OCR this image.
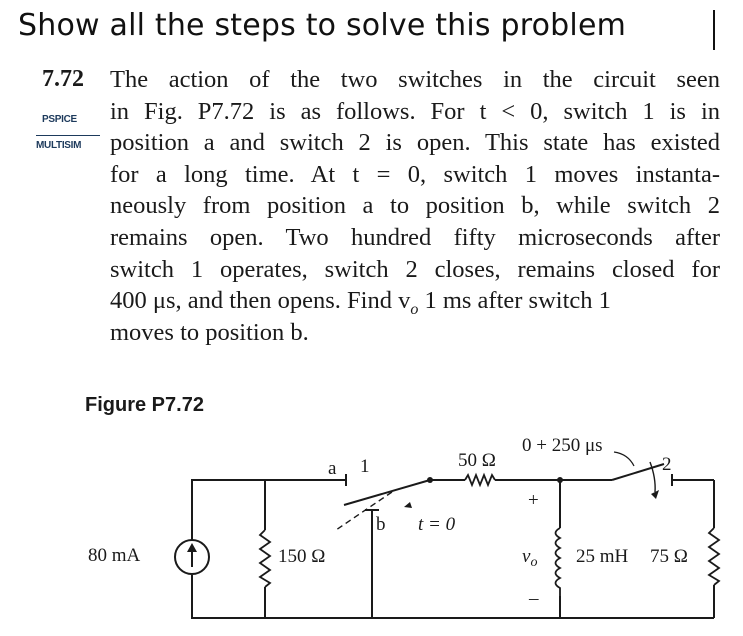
Show all the steps to solve this problem
7.72
PSPICE
MULTISIM
The action of the two switches in the circuit seen
in Fig. P7.72 is as follows. For t < 0, switch 1 is in
position a and switch 2 is open. This state has existed
for a long time. At t = 0, switch 1 moves instanta-
neously from position a to position b, while switch 2
remains open. Two hundred fifty microseconds after
switch 1 operates, switch 2 closes, remains closed for
400 μs, and then opens. Find $v_o$ 1 ms after switch 1
moves to position b.
Figure P7.72
80 mA	150 Ω
a 1
b t = 0
50 Ω
0 + 250 μs
2
+
$v_o$
–
25 mH 75 Ω
